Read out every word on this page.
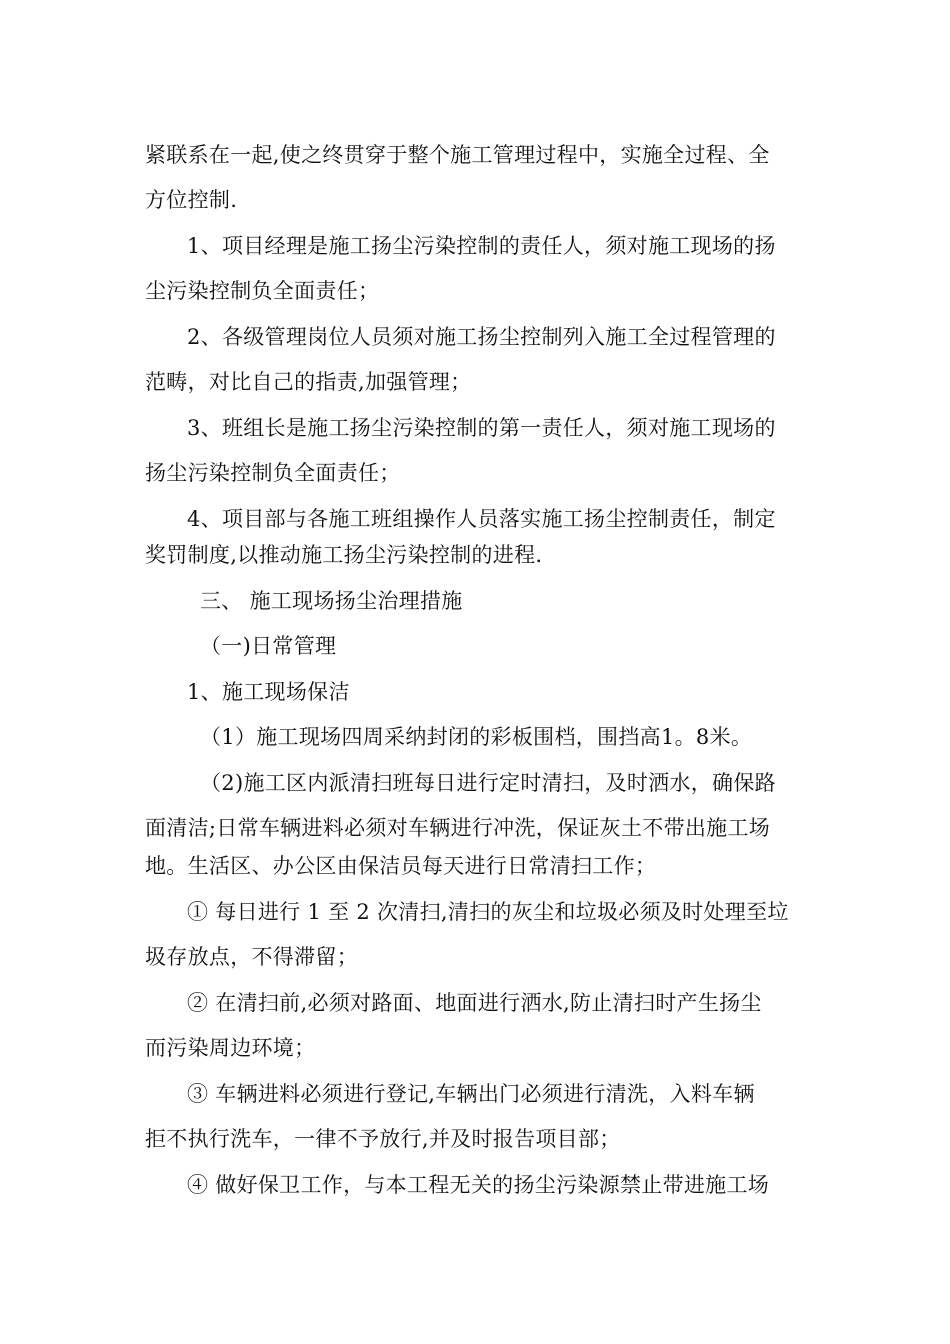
紧联系在一起,使之终贯穿于整个施工管理过程中，实施全过程、全
方位控制.
1、项目经理是施工扬尘污染控制的责任人，须对施工现场的扬
尘污染控制负全面责任；
2、各级管理岗位人员须对施工扬尘控制列入施工全过程管理的
范畴，对比自己的指责,加强管理；
3、班组长是施工扬尘污染控制的第一责任人，须对施工现场的
扬尘污染控制负全面责任；
4、项目部与各施工班组操作人员落实施工扬尘控制责任，制定
奖罚制度,以推动施工扬尘污染控制的进程.
三、 施工现场扬尘治理措施
（一)日常管理
1、施工现场保洁
（1）施工现场四周采纳封闭的彩板围档，围挡高1。8米。
（2)施工区内派清扫班每日进行定时清扫，及时洒水，确保路
面清洁;日常车辆进料必须对车辆进行冲洗，保证灰土不带出施工场
地。生活区、办公区由保洁员每天进行日常清扫工作；
① 每日进行 1 至 2 次清扫,清扫的灰尘和垃圾必须及时处理至垃
圾存放点，不得滞留；
② 在清扫前,必须对路面、地面进行洒水,防止清扫时产生扬尘
而污染周边环境；
③ 车辆进料必须进行登记,车辆出门必须进行清洗，入料车辆
拒不执行洗车，一律不予放行,并及时报告项目部；
④ 做好保卫工作，与本工程无关的扬尘污染源禁止带进施工场
